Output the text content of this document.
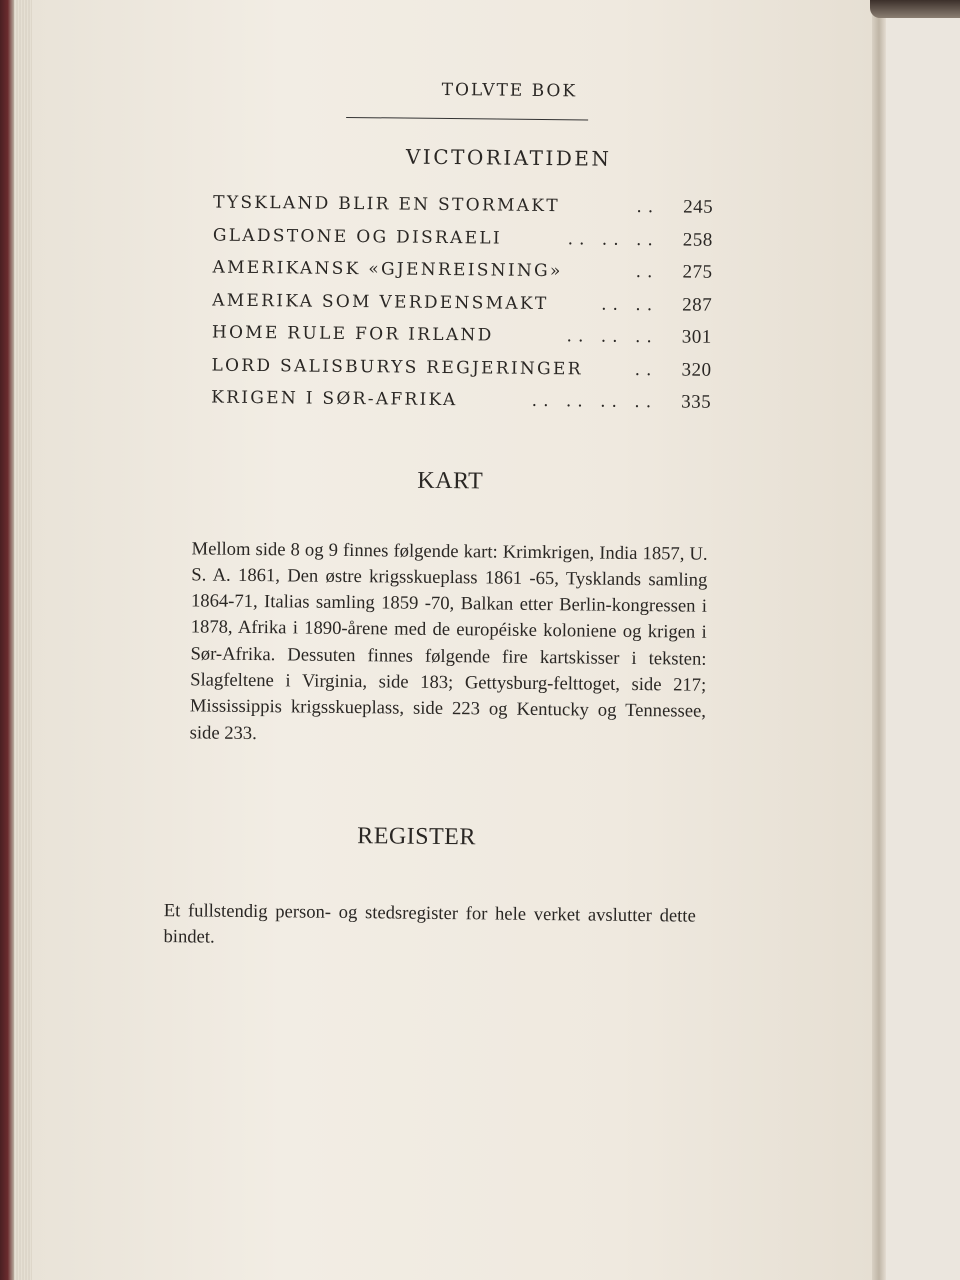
TOLVTE BOK
VICTORIATIDEN
TYSKLAND BLIR EN STORMAKT	..	245
GLADSTONE OG DISRAELI	.. .. ..	258
AMERIKANSK «GJENREISNING»	..	275
AMERIKA SOM VERDENSMAKT	.. ..	287
HOME RULE FOR IRLAND	.. .. ..	301
LORD SALISBURYS REGJERINGER	..	320
KRIGEN I SØR-AFRIKA	.. .. .. ..	335
KART

Mellom side 8 og 9 finnes følgende kart: Krimkrigen, India 1857, U. S. A. 1861, Den østre krigsskueplass 1861 -65, Tysklands samling 1864-71, Italias samling 1859 -70, Balkan etter Berlin-kongressen i 1878, Afrika i 1890-årene med de européiske koloniene og krigen i Sør-Afrika. Dessuten finnes følgende fire kartskisser i teksten: Slagfeltene i Virginia, side 183; Gettysburg-felttoget, side 217; Mississippis krigsskueplass, side 223 og Kentucky og Tennessee, side 233.

REGISTER

Et fullstendig person- og stedsregister for hele verket avslutter dette bindet.
